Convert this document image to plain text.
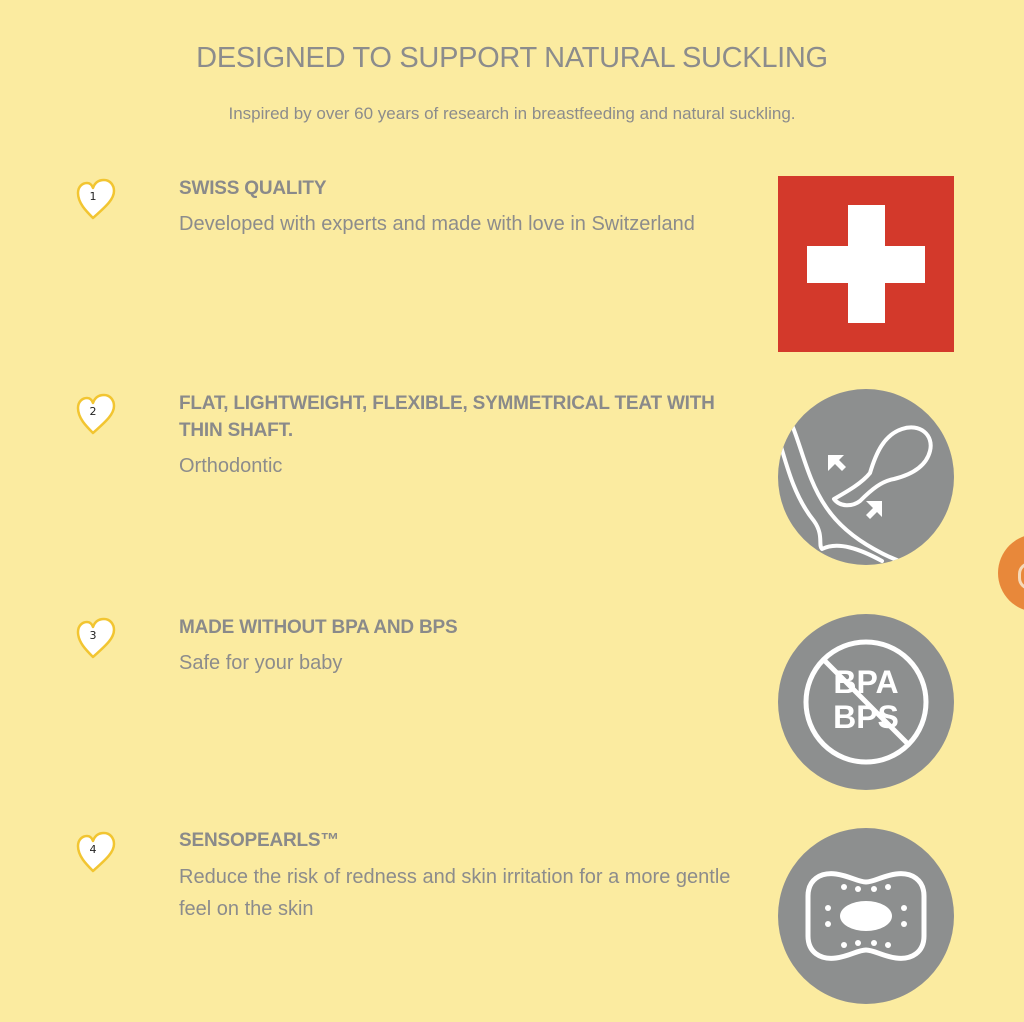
DESIGNED TO SUPPORT NATURAL SUCKLING

Inspired by over 60 years of research in breastfeeding and natural suckling.

1	SWISS QUALITY

Developed with experts and made with love in Switzerland

2	FLAT, LIGHTWEIGHT, FLEXIBLE, SYMMETRICAL TEAT WITH THIN SHAFT.

Orthodontic

3	MADE WITHOUT BPA AND BPS

Safe for your baby

BPA
BPS
4	SENSOPEARLS™

Reduce the risk of redness and skin irritation for a more gentle feel on the skin
